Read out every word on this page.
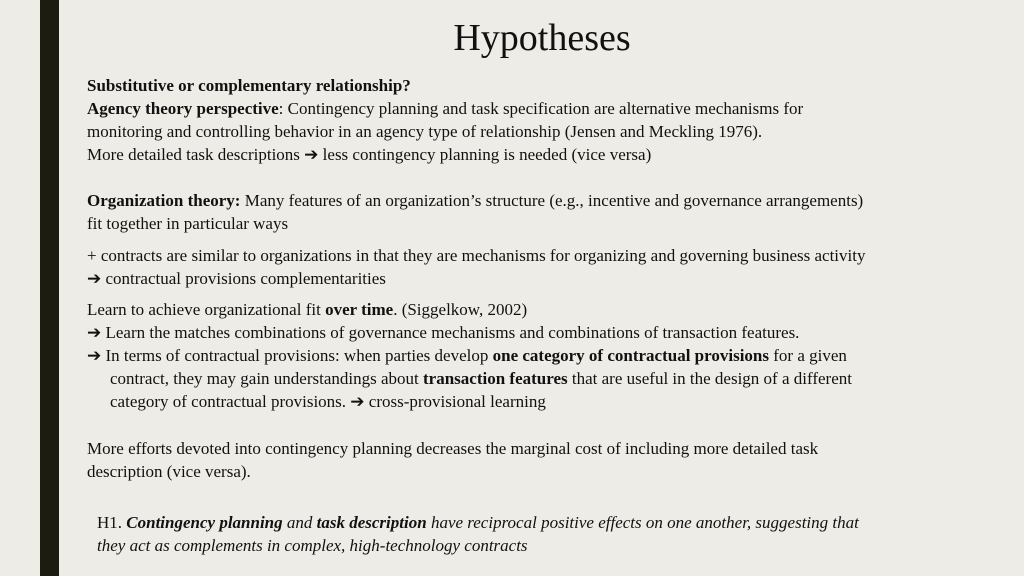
Hypotheses
Substitutive or complementary relationship?
Agency theory perspective: Contingency planning and task specification are alternative mechanisms for
monitoring and controlling behavior in an agency type of relationship (Jensen and Meckling 1976).
More detailed task descriptions ➔ less contingency planning is needed (vice versa)
Organization theory: Many features of an organization’s structure (e.g., incentive and governance arrangements)
fit together in particular ways
+ contracts are similar to organizations in that they are mechanisms for organizing and governing business activity
➔ contractual provisions complementarities
Learn to achieve organizational fit over time. (Siggelkow, 2002)
➔ Learn the matches combinations of governance mechanisms and combinations of transaction features.
➔ In terms of contractual provisions: when parties develop one category of contractual provisions for a given
contract, they may gain understandings about transaction features that are useful in the design of a different
category of contractual provisions. ➔ cross-provisional learning
More efforts devoted into contingency planning decreases the marginal cost of including more detailed task
description (vice versa).
H1. Contingency planning and task description have reciprocal positive effects on one another, suggesting that
they act as complements in complex, high-technology contracts
